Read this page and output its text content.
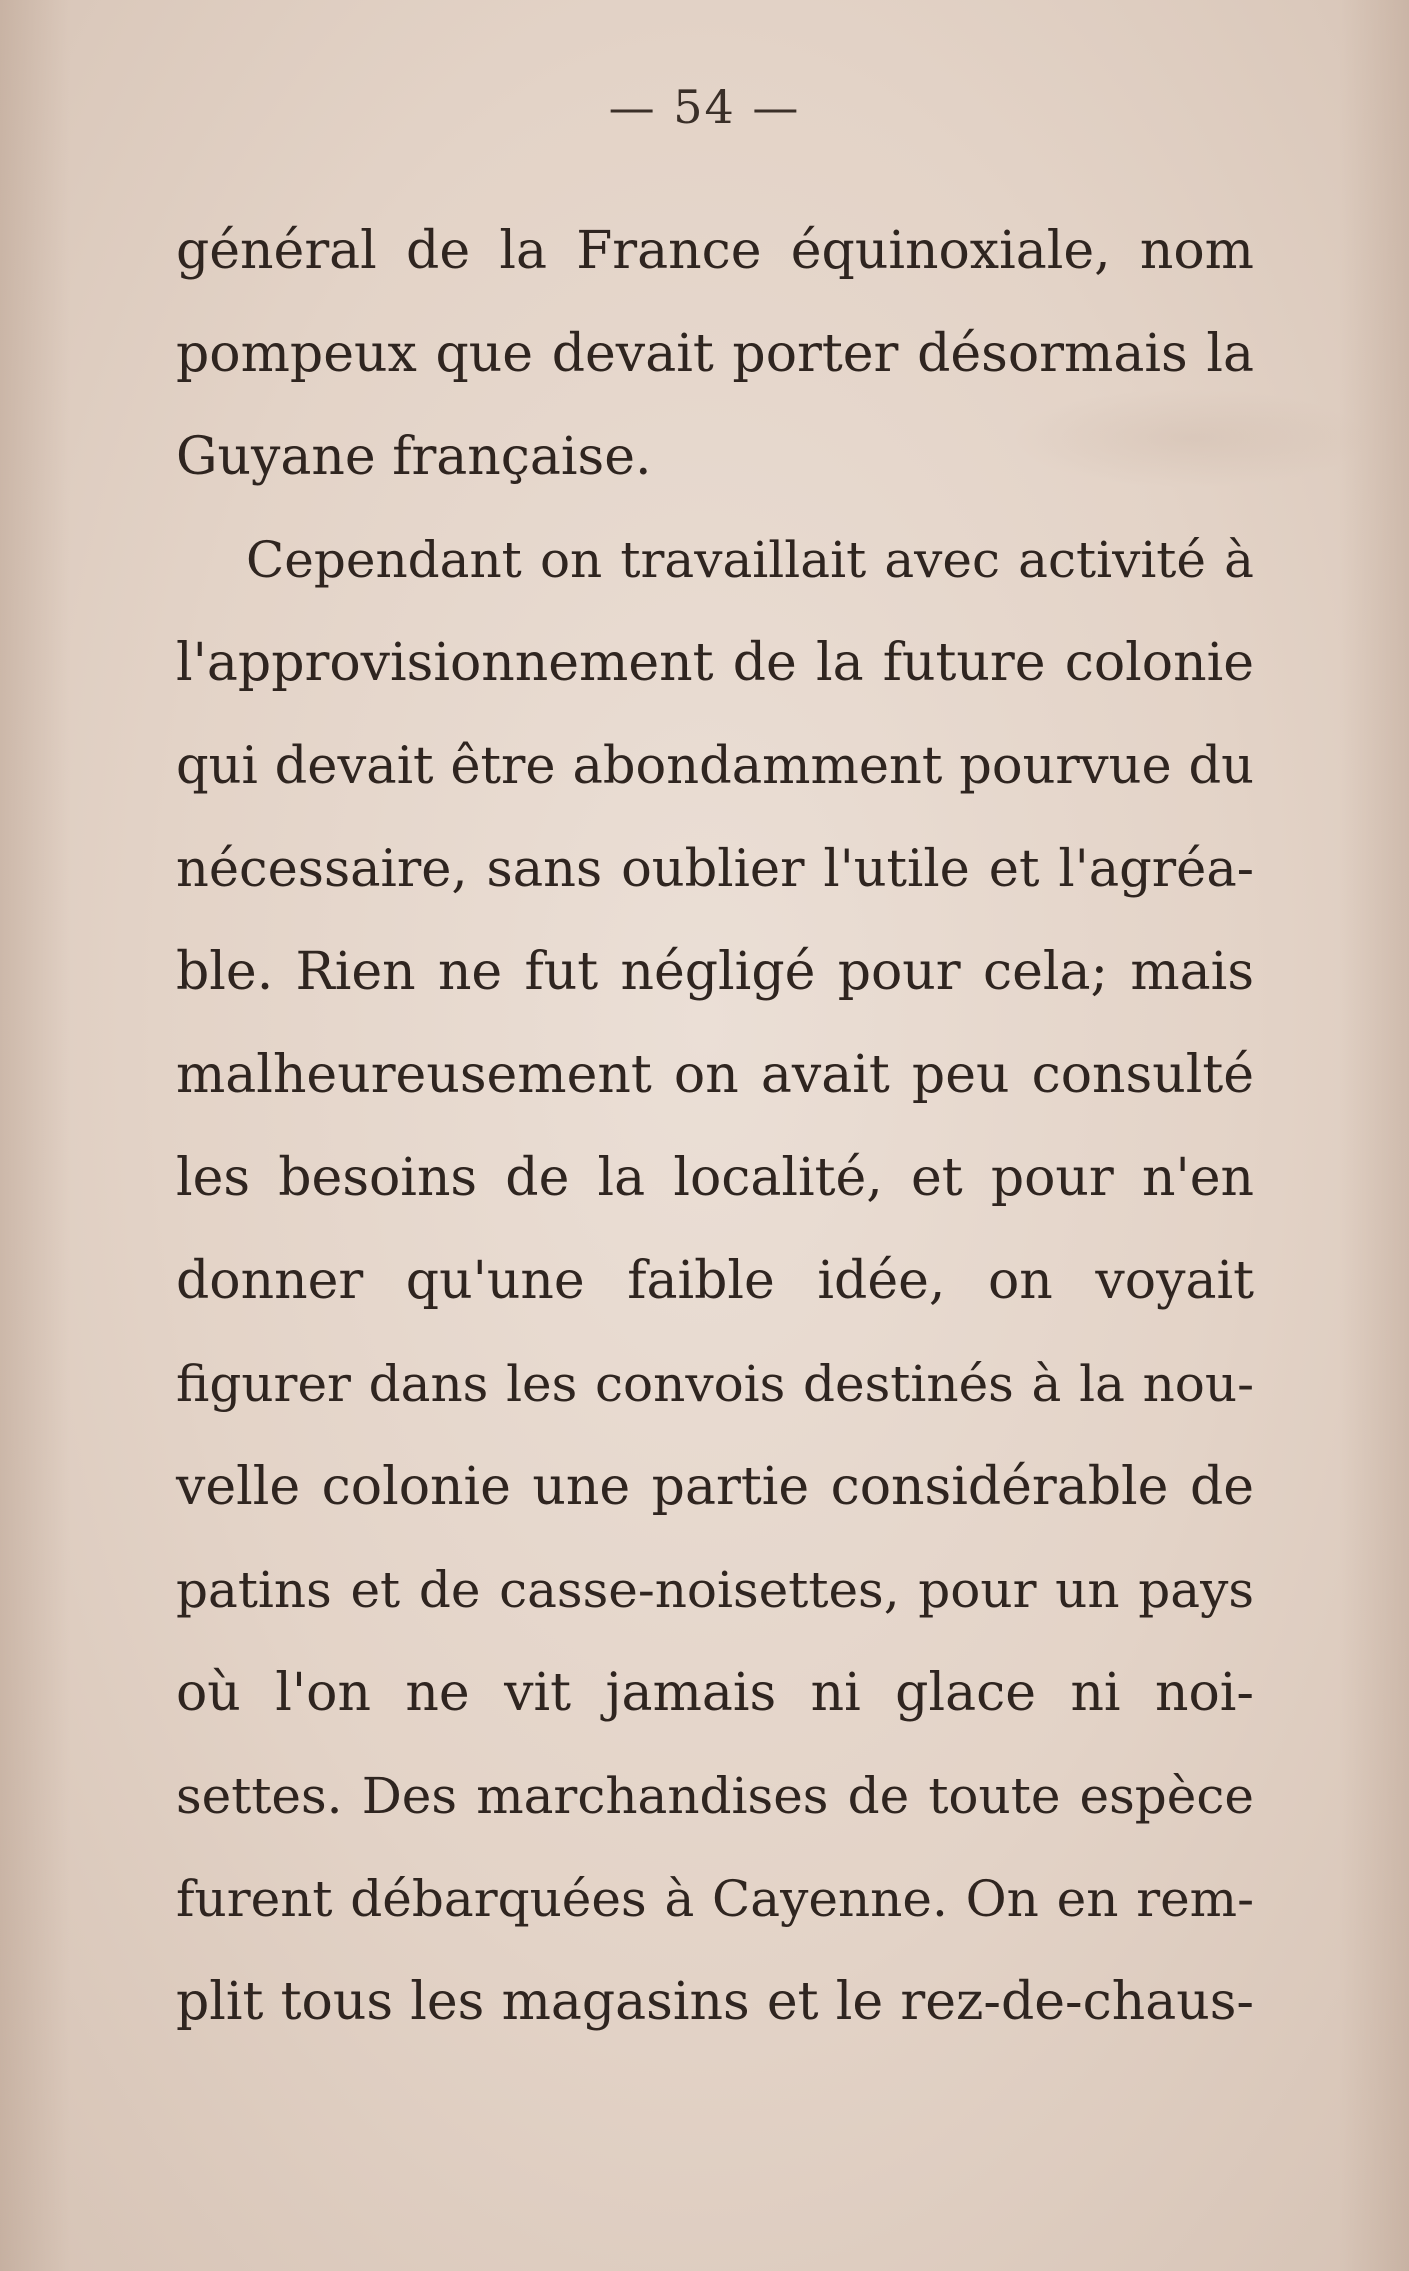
— 54 —
général de la France équinoxiale, nom
pompeux que devait porter désormais la
Guyane française.
Cependant on travaillait avec activité à
l'approvisionnement de la future colonie
qui devait être abondamment pourvue du
nécessaire, sans oublier l'utile et l'agréa-
ble. Rien ne fut négligé pour cela; mais
malheureusement on avait peu consulté
les besoins de la localité, et pour n'en
donner qu'une faible idée, on voyait
figurer dans les convois destinés à la nou-
velle colonie une partie considérable de
patins et de casse-noisettes, pour un pays
où l'on ne vit jamais ni glace ni noi-
settes. Des marchandises de toute espèce
furent débarquées à Cayenne. On en rem-
plit tous les magasins et le rez-de-chaus-
